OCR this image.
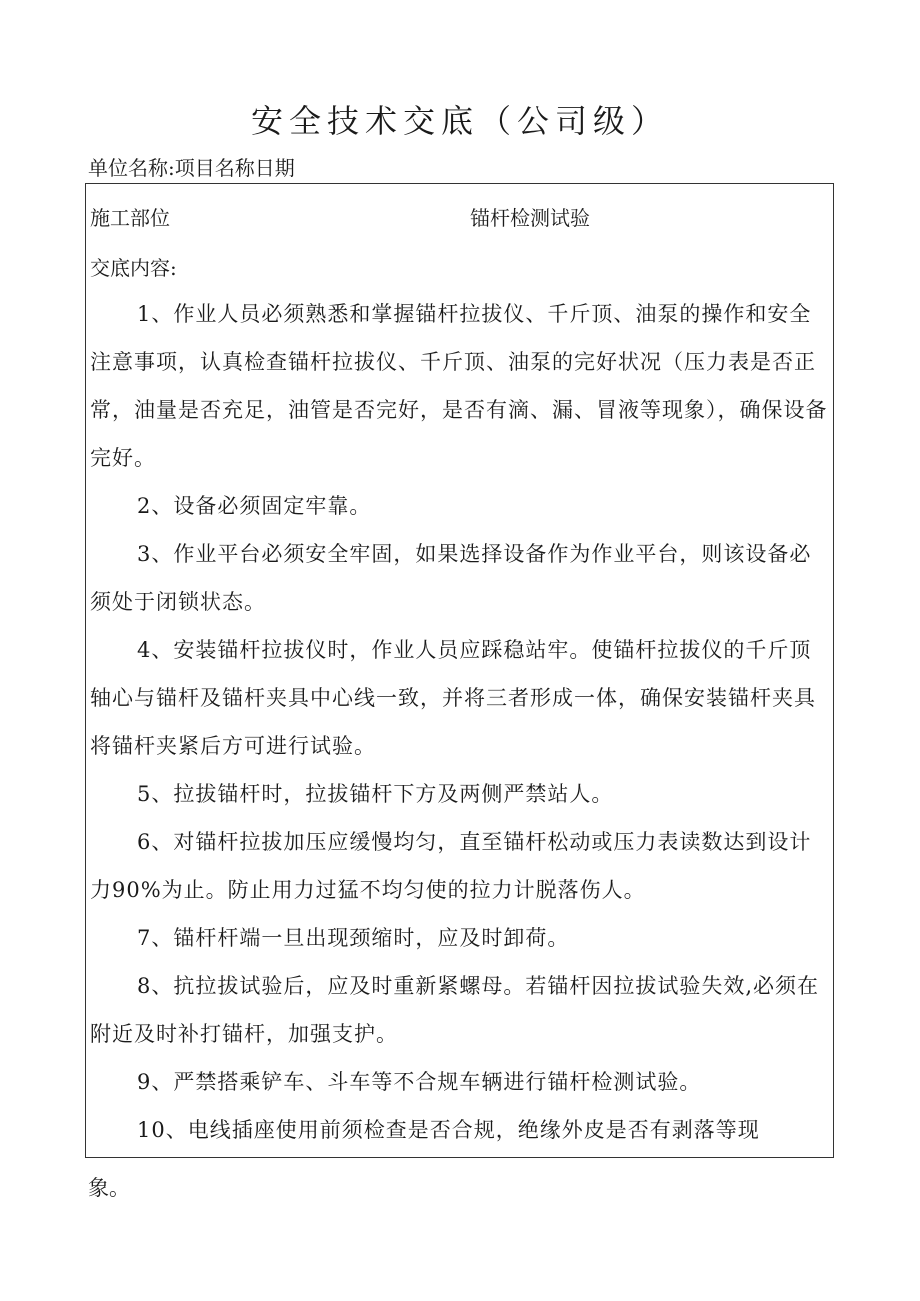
安全技术交底（公司级）
单位名称:项目名称日期
施工部位	锚杆检测试验
交底内容:
1、作业人员必须熟悉和掌握锚杆拉拔仪、千斤顶、油泵的操作和安全注意事项，认真检查锚杆拉拔仪、千斤顶、油泵的完好状况（压力表是否正常，油量是否充足，油管是否完好，是否有滴、漏、冒液等现象），确保设备完好。
2、设备必须固定牢靠。
3、作业平台必须安全牢固，如果选择设备作为作业平台，则该设备必须处于闭锁状态。
4、安装锚杆拉拔仪时，作业人员应踩稳站牢。使锚杆拉拔仪的千斤顶轴心与锚杆及锚杆夹具中心线一致，并将三者形成一体，确保安装锚杆夹具将锚杆夹紧后方可进行试验。
5、拉拔锚杆时，拉拔锚杆下方及两侧严禁站人。
6、对锚杆拉拔加压应缓慢均匀，直至锚杆松动或压力表读数达到设计力90%为止。防止用力过猛不均匀使的拉力计脱落伤人。
7、锚杆杆端一旦出现颈缩时，应及时卸荷。
8、抗拉拔试验后，应及时重新紧螺母。若锚杆因拉拔试验失效,必须在附近及时补打锚杆，加强支护。
9、严禁搭乘铲车、斗车等不合规车辆进行锚杆检测试验。
10、电线插座使用前须检查是否合规，绝缘外皮是否有剥落等现
象。
